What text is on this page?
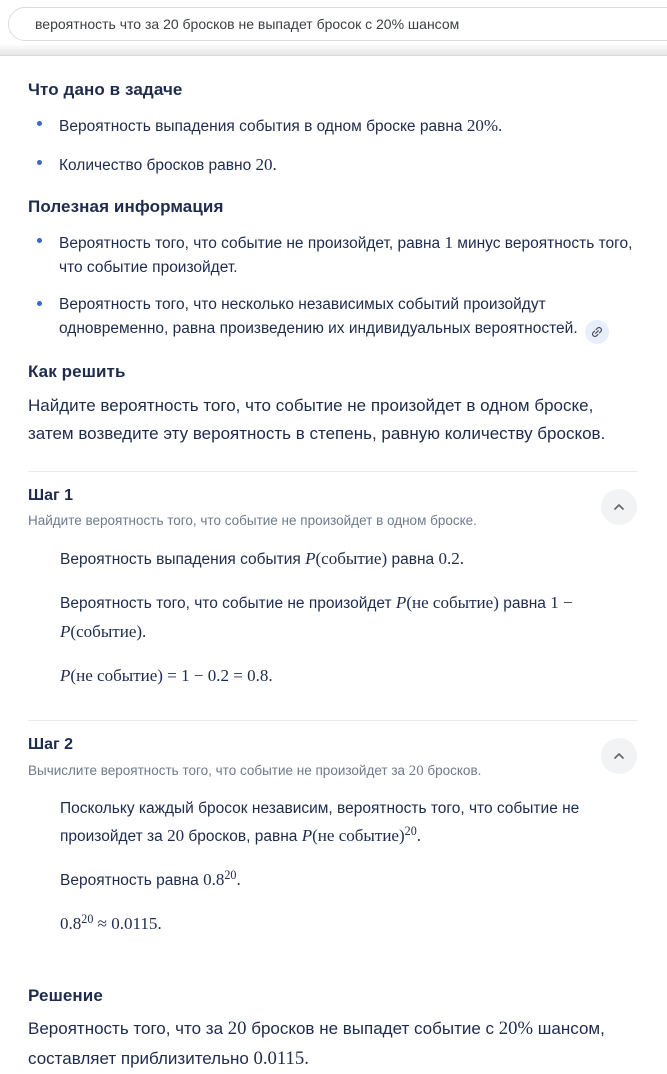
вероятность что за 20 бросков не выпадет бросок с 20% шансом
Что дано в задаче
Вероятность выпадения события в одном броске равна 20%.
Количество бросков равно 20.
Полезная информация
Вероятность того, что событие не произойдет, равна 1 минус вероятность того, что событие произойдет.
Вероятность того, что несколько независимых событий произойдут одновременно, равна произведению их индивидуальных вероятностей.
Как решить

Найдите вероятность того, что событие не произойдет в одном броске, затем возведите эту вероятность в степень, равную количеству бросков.

Шаг 1
Найдите вероятность того, что событие не произойдет в одном броске.

Вероятность выпадения события P(событие) равна 0.2.

Вероятность того, что событие не произойдет P(не событие) равна 1 − P(событие).

P(не событие) = 1 − 0.2 = 0.8.

Шаг 2
Вычислите вероятность того, что событие не произойдет за 20 бросков.

Поскольку каждый бросок независим, вероятность того, что событие не произойдет за 20 бросков, равна P(не событие)$^{20}$.

Вероятность равна $0.8^{20}$.

$0.8^{20} \approx 0.0115$.

Решение

Вероятность того, что за 20 бросков не выпадет событие с 20% шансом, составляет приблизительно 0.0115.
